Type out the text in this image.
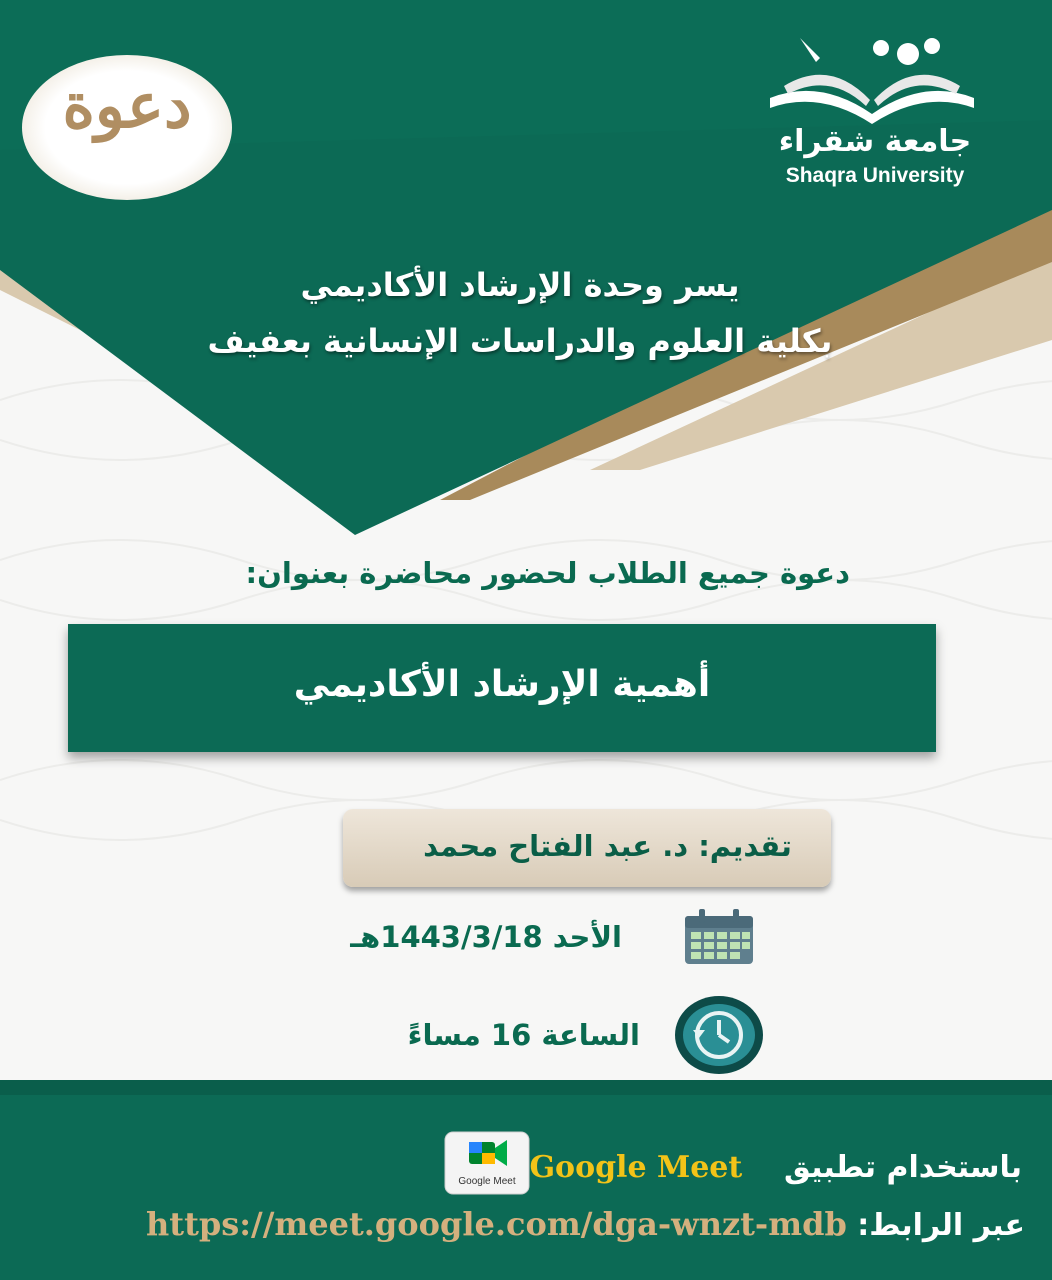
دعوة	جامعة شقراء
Shaqra University
يسر وحدة الإرشاد الأكاديمي
بكلية العلوم والدراسات الإنسانية بعفيف
دعوة جميع الطلاب لحضور محاضرة بعنوان:
أهمية الإرشاد الأكاديمي
تقديم: د. عبد الفتاح محمد
الأحد 1443/3/18هـ
الساعة 16 مساءً
Google Meet	باستخدام تطبيق    Google Meet
عبر الرابط: https://meet.google.com/dga-wnzt-mdb
